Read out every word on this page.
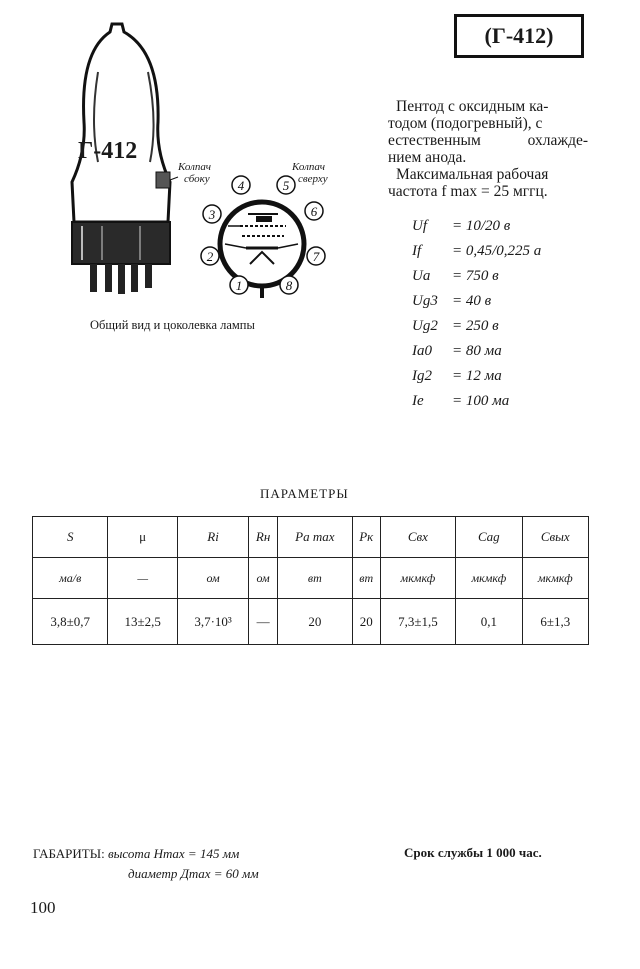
(Г-412)
1
2
3
4	5
6
7
8
Г-412
Колпач
сбоку
Колпач
сверху
Общий вид и цоколевка лампы

Пентод с оксидным ка-

тодом (подогревный), с

естественным охлажде-

нием анода.

Максимальная рабочая

частота f max = 25 мггц.

Uf	= 10/20 в
If	= 0,45/0,225 а
Ua	= 750 в
Ug3 = 40 в
Ug2 = 250 в
Ia0	= 80 ма
Ig2	= 12 ма
Ie	= 100 ма
ПАРАМЕТРЫ
S	μ	Ri	Rн	Pa max	Pк	Cвх	Cag	Cвых
ма/в	—	ом	ом	вт	вт	мкмкф	мкмкф	мкмкф
3,8±0,7	13±2,5	3,7·10³	—	20	20	7,3±1,5	0,1	6±1,3
ГАБАРИТЫ: высота Hmax = 145 мм
диаметр Дmax = 60 мм
Срок службы 1 000 час.
100
